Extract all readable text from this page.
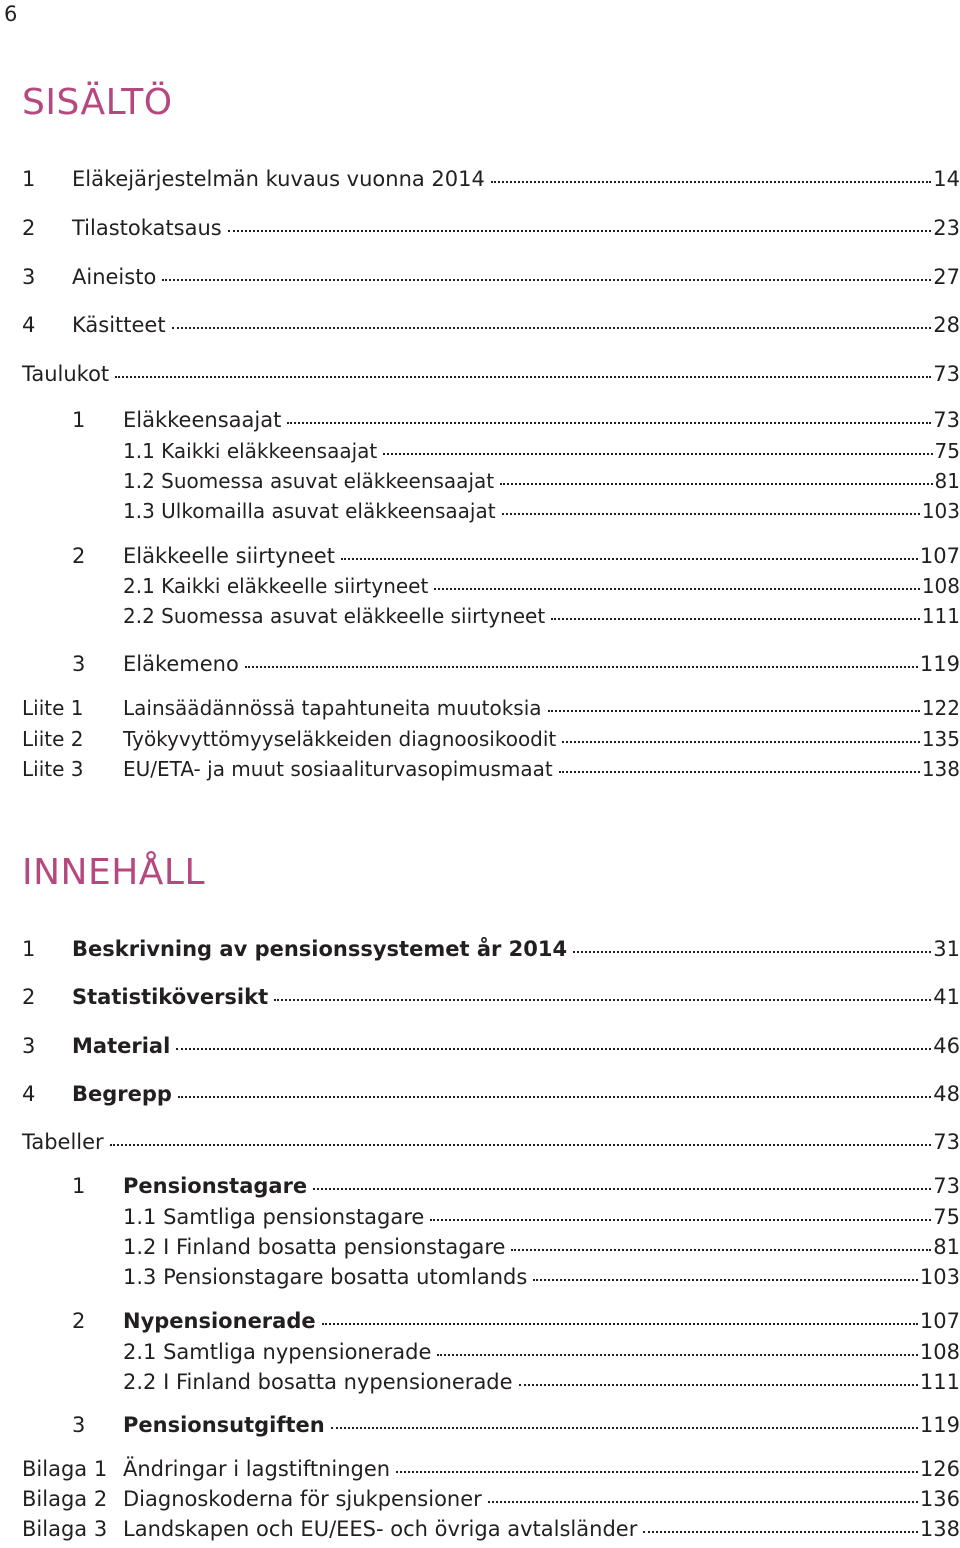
6
SISÄLTÖ
1	Eläkejärjestelmän kuvaus vuonna 2014	14
2	Tilastokatsaus	23
3	Aineisto	27
4	Käsitteet	28
Taulukot	73
1	Eläkkeensaajat	73
1.1 Kaikki eläkkeensaajat	75
1.2 Suomessa asuvat eläkkeensaajat	81
1.3 Ulkomailla asuvat eläkkeensaajat	103
2	Eläkkeelle siirtyneet	107
2.1 Kaikki eläkkeelle siirtyneet	108
2.2 Suomessa asuvat eläkkeelle siirtyneet	111
3	Eläkemeno	119
Liite 1	Lainsäädännössä tapahtuneita muutoksia	122
Liite 2	Työkyvyttömyyseläkkeiden diagnoosikoodit	135
Liite 3	EU/ETA- ja muut sosiaaliturvasopimusmaat	138
INNEHÅLL
1	Beskrivning av pensionssystemet år 2014	31
2	Statistiköversikt	41
3	Material	46
4	Begrepp	48
Tabeller	73
1	Pensionstagare	73
1.1 Samtliga pensionstagare	75
1.2 I Finland bosatta pensionstagare	81
1.3 Pensionstagare bosatta utomlands	103
2	Nypensionerade	107
2.1 Samtliga nypensionerade	108
2.2 I Finland bosatta nypensionerade	111
3	Pensionsutgiften	119
Bilaga 1 Ändringar i lagstiftningen	126
Bilaga 2 Diagnoskoderna för sjukpensioner	136
Bilaga 3 Landskapen och EU/EES- och övriga avtalsländer	138
